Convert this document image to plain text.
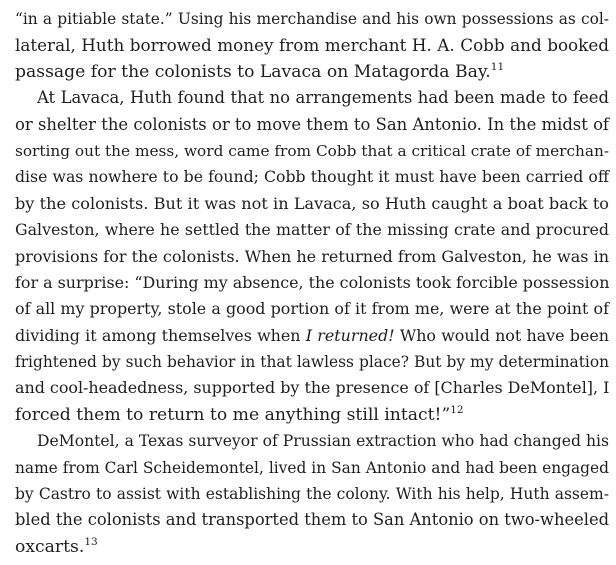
“in a pitiable state.” Using his merchandise and his own possessions as col-
lateral, Huth borrowed money from merchant H. A. Cobb and booked
passage for the colonists to Lavaca on Matagorda Bay.$^{11}$
At Lavaca, Huth found that no arrangements had been made to feed
or shelter the colonists or to move them to San Antonio. In the midst of
sorting out the mess, word came from Cobb that a critical crate of merchan-
dise was nowhere to be found; Cobb thought it must have been carried off
by the colonists. But it was not in Lavaca, so Huth caught a boat back to
Galveston, where he settled the matter of the missing crate and procured
provisions for the colonists. When he returned from Galveston, he was in
for a surprise: “During my absence, the colonists took forcible possession
of all my property, stole a good portion of it from me, were at the point of
dividing it among themselves when I returned! Who would not have been
frightened by such behavior in that lawless place? But by my determination
and cool-headedness, supported by the presence of [Charles DeMontel], I
forced them to return to me anything still intact!”$^{12}$
DeMontel, a Texas surveyor of Prussian extraction who had changed his
name from Carl Scheidemontel, lived in San Antonio and had been engaged
by Castro to assist with establishing the colony. With his help, Huth assem-
bled the colonists and transported them to San Antonio on two-wheeled
oxcarts.$^{13}$
